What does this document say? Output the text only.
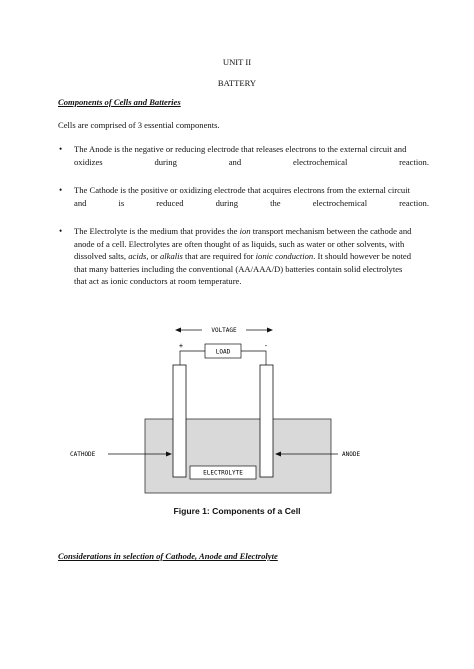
UNIT II
BATTERY
Components of Cells and Batteries
Cells are comprised of 3 essential components.
•	The Anode is the negative or reducing electrode that releases electrons to the external circuit and
oxidizes during and electrochemical reaction.
•	The Cathode is the positive or oxidizing electrode that acquires electrons from the external circuit
and is reduced during the electrochemical reaction.
•	The Electrolyte is the medium that provides the ion transport mechanism between the cathode and
anode of a cell. Electrolytes are often thought of as liquids, such as water or other solvents, with
dissolved salts, acids, or alkalis that are required for ionic conduction. It should however be noted
that many batteries including the conventional (AA/AAA/D) batteries contain solid electrolytes
that act as ionic conductors at room temperature.
VOLTAGE
+	-
LOAD
CATHODE	ANODE
ELECTROLYTE
Figure 1: Components of a Cell
Considerations in selection of Cathode, Anode and Electrolyte
